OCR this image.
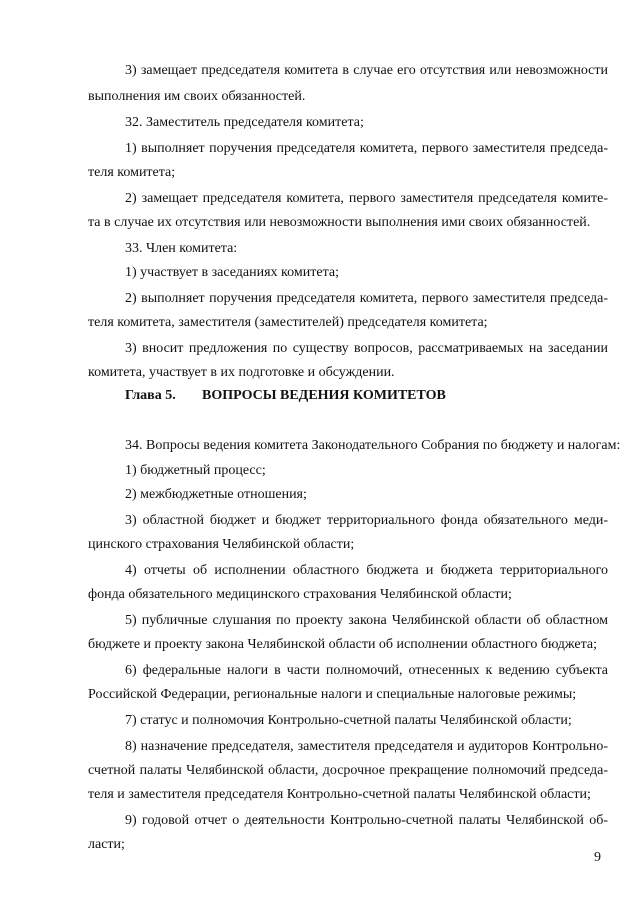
3) замещает председателя комитета в случае его отсутствия или невозможности
выполнения им своих обязанностей.
32. Заместитель председателя комитета;
1) выполняет поручения председателя комитета, первого заместителя председа-
теля комитета;
2) замещает председателя комитета, первого заместителя председателя комите-
та в случае их отсутствия или невозможности выполнения ими своих обязанностей.
33. Член комитета:
1) участвует в заседаниях комитета;
2) выполняет поручения председателя комитета, первого заместителя председа-
теля комитета, заместителя (заместителей) председателя комитета;
3) вносит предложения по существу вопросов, рассматриваемых на заседании
комитета, участвует в их подготовке и обсуждении.
34. Вопросы ведения комитета Законодательного Собрания по бюджету и налогам:
1) бюджетный процесс;
2) межбюджетные отношения;
3) областной бюджет и бюджет территориального фонда обязательного меди-
цинского страхования Челябинской области;
4) отчеты об исполнении областного бюджета и бюджета территориального
фонда обязательного медицинского страхования Челябинской области;
5) публичные слушания по проекту закона Челябинской области об областном
бюджете и проекту закона Челябинской области об исполнении областного бюджета;
6) федеральные налоги в части полномочий, отнесенных к ведению субъекта
Российской Федерации, региональные налоги и специальные налоговые режимы;
7) статус и полномочия Контрольно-счетной палаты Челябинской области;
8) назначение председателя, заместителя председателя и аудиторов Контрольно-
счетной палаты Челябинской области, досрочное прекращение полномочий председа-
теля и заместителя председателя Контрольно-счетной палаты Челябинской области;
9) годовой отчет о деятельности Контрольно-счетной палаты Челябинской об-
ласти;
Глава 5. ВОПРОСЫ ВЕДЕНИЯ КОМИТЕТОВ
9
